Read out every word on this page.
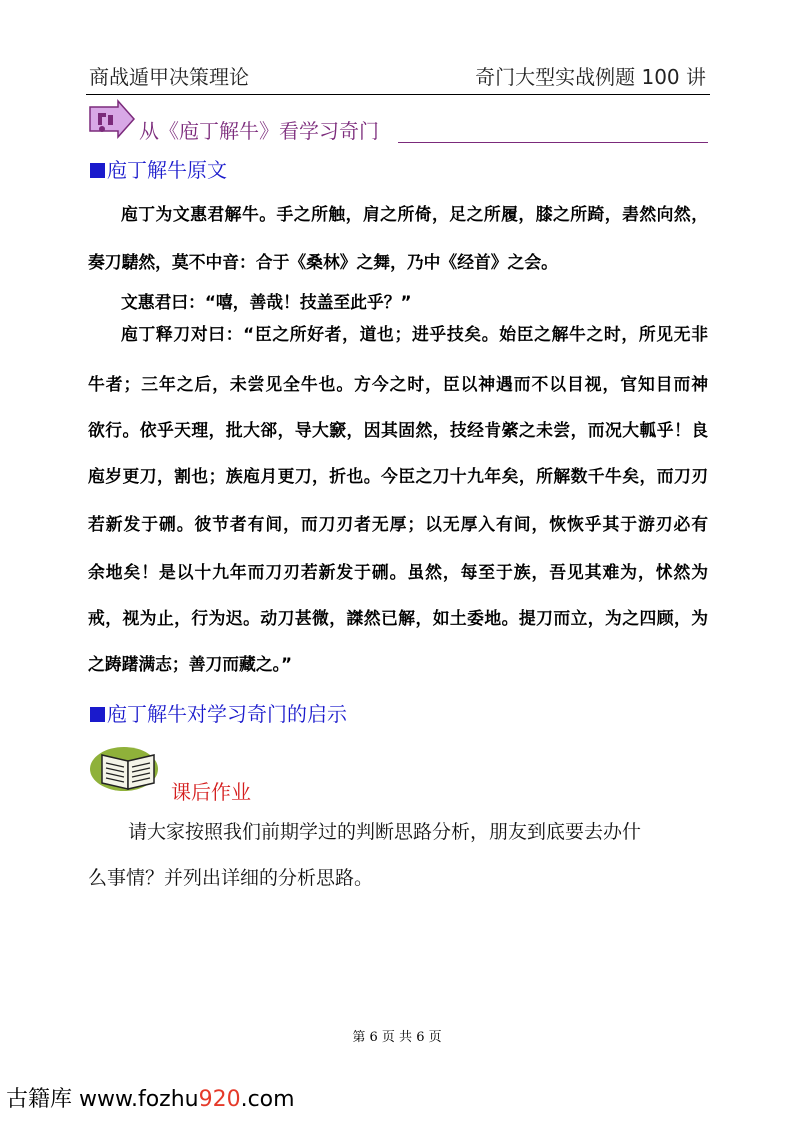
商战遁甲决策理论	奇门大型实战例题 100 讲
从《庖丁解牛》看学习奇门
庖丁解牛原文
庖丁为文惠君解牛。手之所触，肩之所倚，足之所履，膝之所踦，砉然向然，
奏刀騞然，莫不中音：合于《桑林》之舞，乃中《经首》之会。
文惠君曰：“嘻，善哉！技盖至此乎？”
庖丁释刀对曰：“臣之所好者，道也；进乎技矣。始臣之解牛之时，所见无非
牛者；三年之后，未尝见全牛也。方今之时，臣以神遇而不以目视，官知目而神
欲行。依乎天理，批大郤，导大窾，因其固然，技经肯綮之未尝，而况大軱乎！良
庖岁更刀，割也；族庖月更刀，折也。今臣之刀十九年矣，所解数千牛矣，而刀刃
若新发于硎。彼节者有间，而刀刃者无厚；以无厚入有间，恢恢乎其于游刃必有
余地矣！是以十九年而刀刃若新发于硎。虽然，每至于族，吾见其难为，怵然为
戒，视为止，行为迟。动刀甚微，謋然已解，如土委地。提刀而立，为之四顾，为
之踌躇满志；善刀而藏之。”
庖丁解牛对学习奇门的启示
课后作业
请大家按照我们前期学过的判断思路分析，朋友到底要去办什
么事情？并列出详细的分析思路。
第 6 页 共 6 页
古籍库 www.fozhu920.com
